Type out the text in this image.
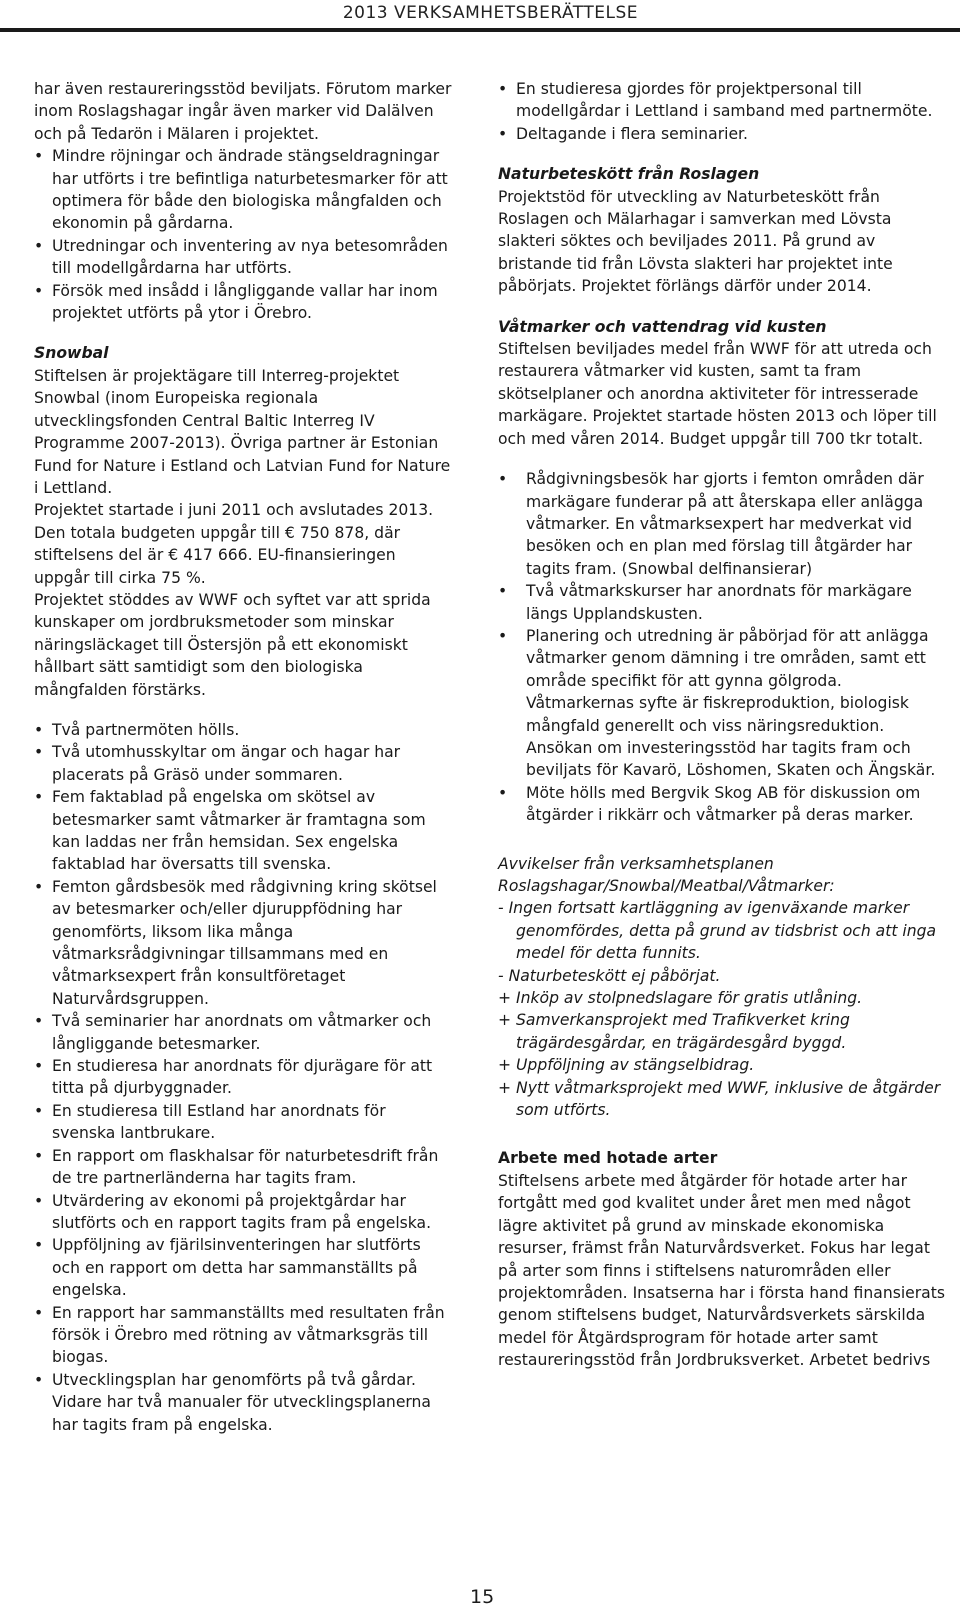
2013 VERKSAMHETSBERÄTTELSE

har även restaureringsstöd beviljats. Förutom marker inom Roslagshagar ingår även marker vid Dalälven och på Tedarön i Mälaren i projektet.

• Mindre röjningar och ändrade stängseldragningar har utförts i tre befintliga naturbetesmarker för att optimera för både den biologiska mångfalden och ekonomin på gårdarna.
• Utredningar och inventering av nya betesområden till modellgårdarna har utförts.
• Försök med insådd i långliggande vallar har inom projektet utförts på ytor i Örebro.

Snowbal

Stiftelsen är projektägare till Interreg-projektet Snowbal (inom Europeiska regionala utvecklingsfonden Central Baltic Interreg IV Programme 2007-2013). Övriga partner är Estonian Fund for Nature i Estland och Latvian Fund for Nature i Lettland.

Projektet startade i juni 2011 och avslutades 2013. Den totala budgeten uppgår till € 750 878, där stiftelsens del är € 417 666. EU-finansieringen uppgår till cirka 75 %.

Projektet stöddes av WWF och syftet var att sprida kunskaper om jordbruksmetoder som minskar näringsläckaget till Östersjön på ett ekonomiskt hållbart sätt samtidigt som den biologiska mångfalden förstärks.

• Två partnermöten hölls.
• Två utomhusskyltar om ängar och hagar har placerats på Gräsö under sommaren.
• Fem faktablad på engelska om skötsel av betesmarker samt våtmarker är framtagna som kan laddas ner från hemsidan. Sex engelska faktablad har översatts till svenska.
• Femton gårdsbesök med rådgivning kring skötsel av betesmarker och/eller djuruppfödning har genomförts, liksom lika många våtmarksrådgivningar tillsammans med en våtmarksexpert från konsultföretaget Naturvårdsgruppen.
• Två seminarier har anordnats om våtmarker och långliggande betesmarker.
• En studieresa har anordnats för djurägare för att titta på djurbyggnader.
• En studieresa till Estland har anordnats för svenska lantbrukare.
• En rapport om flaskhalsar för naturbetesdrift från de tre partnerländerna har tagits fram.
• Utvärdering av ekonomi på projektgårdar har slutförts och en rapport tagits fram på engelska.
• Uppföljning av fjärilsinventeringen har slutförts och en rapport om detta har sammanställts på engelska.
• En rapport har sammanställts med resultaten från försök i Örebro med rötning av våtmarksgräs till biogas.
• Utvecklingsplan har genomförts på två gårdar. Vidare har två manualer för utvecklingsplanerna har tagits fram på engelska.
• En studieresa gjordes för projektpersonal till modellgårdar i Lettland i samband med partnermöte.
• Deltagande i flera seminarier.

Naturbeteskött från Roslagen

Projektstöd för utveckling av Naturbeteskött från Roslagen och Mälarhagar i samverkan med Lövsta slakteri söktes och beviljades 2011. På grund av bristande tid från Lövsta slakteri har projektet inte påbörjats. Projektet förlängs därför under 2014.

Våtmarker och vattendrag vid kusten

Stiftelsen beviljades medel från WWF för att utreda och restaurera våtmarker vid kusten, samt ta fram skötselplaner och anordna aktiviteter för intresserade markägare. Projektet startade hösten 2013 och löper till och med våren 2014. Budget uppgår till 700 tkr totalt.

• Rådgivningsbesök har gjorts i femton områden där markägare funderar på att återskapa eller anlägga våtmarker. En våtmarksexpert har medverkat vid besöken och en plan med förslag till åtgärder har tagits fram. (Snowbal delfinansierar)
• Två våtmarkskurser har anordnats för markägare längs Upplandskusten.
• Planering och utredning är påbörjad för att anlägga våtmarker genom dämning i tre områden, samt ett område specifikt för att gynna gölgroda. Våtmarkernas syfte är fiskreproduktion, biologisk mångfald generellt och viss näringsreduktion. Ansökan om investeringsstöd har tagits fram och beviljats för Kavarö, Löshomen, Skaten och Ängskär.
• Möte hölls med Bergvik Skog AB för diskussion om åtgärder i rikkärr och våtmarker på deras marker.

Avvikelser från verksamhetsplanen Roslagshagar/Snowbal/Meatbal/Våtmarker:

- Ingen fortsatt kartläggning av igenväxande marker genomfördes, detta på grund av tidsbrist och att inga medel för detta funnits.
- Naturbeteskött ej påbörjat.
+ Inköp av stolpnedslagare för gratis utlåning.
+ Samverkansprojekt med Trafikverket kring trägärdesgårdar, en trägärdesgård byggd.
+ Uppföljning av stängselbidrag.
+ Nytt våtmarksprojekt med WWF, inklusive de åtgärder som utförts.

Arbete med hotade arter

Stiftelsens arbete med åtgärder för hotade arter har fortgått med god kvalitet under året men med något lägre aktivitet på grund av minskade ekonomiska resurser, främst från Naturvårdsverket. Fokus har legat på arter som finns i stiftelsens naturområden eller projektområden. Insatserna har i första hand finansierats genom stiftelsens budget, Naturvårdsverkets särskilda medel för Åtgärdsprogram för hotade arter samt restaureringsstöd från Jordbruksverket. Arbetet bedrivs

15
